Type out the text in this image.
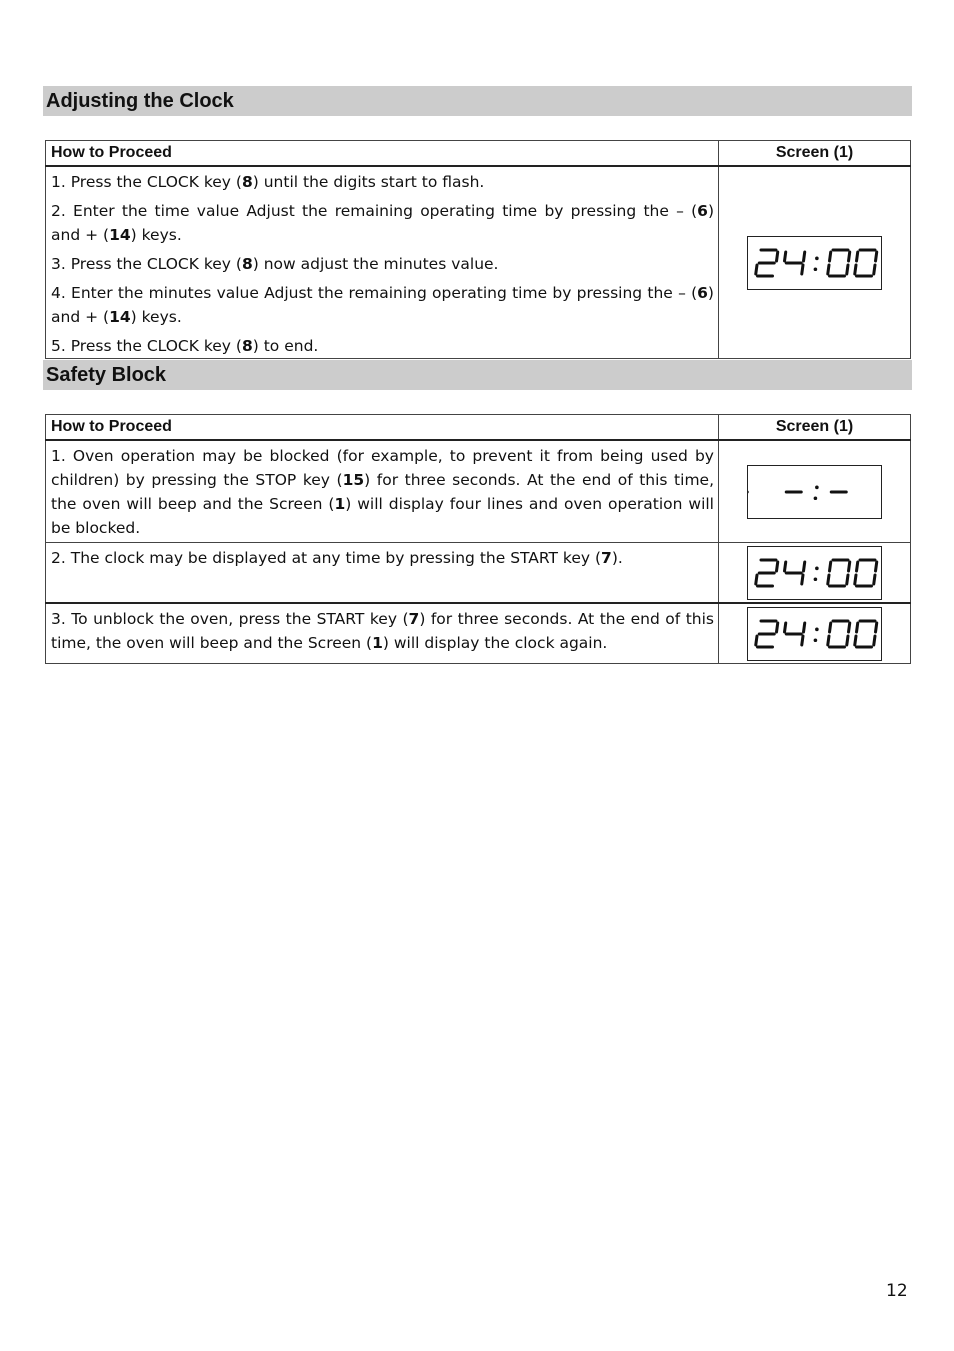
Adjusting the Clock
How to Proceed	Screen (1)

1. Press the CLOCK key (8) until the digits start to flash.

2. Enter the time value Adjust the remaining operating time by pressing the – (6) and + (14) keys.

3. Press the CLOCK key (8) now adjust the minutes value.

4. Enter the minutes value Adjust the remaining operating time by pressing the – (6) and + (14) keys.

5. Press the CLOCK key (8) to end.

Safety Block
How to Proceed	Screen (1)
1. Oven operation may be blocked (for example, to prevent it from being used by children) by pressing the STOP key (15) for three seconds. At the end of this time, the oven will beep and the Screen (1) will display four lines and oven operation will be blocked.	

2. The clock may be displayed at any time by pressing the START key (7).	

3. To unblock the oven, press the START key (7) for three seconds. At the end of this time, the oven will beep and the Screen (1) will display the clock again.	
12
